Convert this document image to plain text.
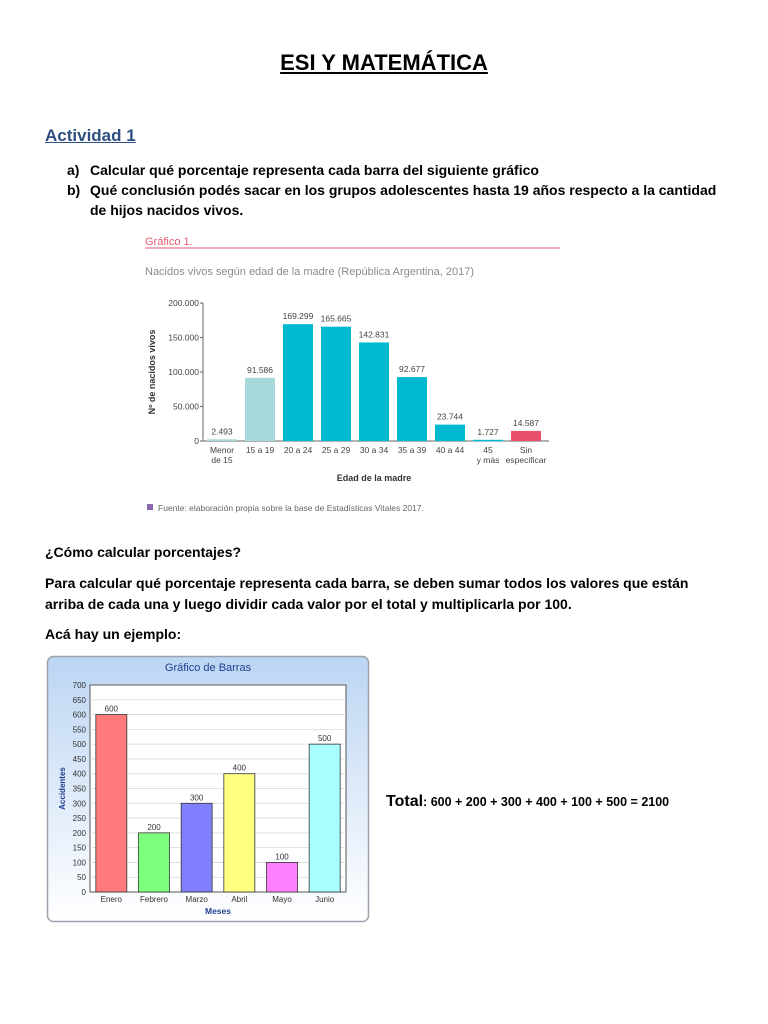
ESI Y MATEMÁTICA
Actividad 1
a) Calcular qué porcentaje representa cada barra del siguiente gráfico
b) Qué conclusión podés sacar en los grupos adolescentes hasta 19 años respecto a la cantidad de hijos nacidos vivos.
Gráfico 1.
Nacidos vivos según edad de la madre (República Argentina, 2017)
0
50.000
100.000
150.000
200.000
Nº de nacidos vivos
2.493
Menor
de 15
91.586
15 a 19
169.299
20 a 24
165.665
25 a 29
142.831
30 a 34
92.677
35 a 39
23.744
40 a 44
1.727
45
y más
14.587
Sin
especificar
Edad de la madre
Fuente: elaboración propia sobre la base de Estadísticas Vitales 2017.
¿Cómo calcular porcentajes?
Para calcular qué porcentaje representa cada barra, se deben sumar todos los valores que están arriba de cada una y luego dividir cada valor por el total y multiplicarla por 100.
Acá hay un ejemplo:
Gráfico de Barras
0
50
100
150
200
250
300
350
400
450
500
550
600
650
700
Accidentes
600
Enero
200
Febrero
300
Marzo
400
Abril
100
Mayo
500
Junio
Meses
Total: 600 + 200 + 300 + 400 + 100 + 500 = 2100
